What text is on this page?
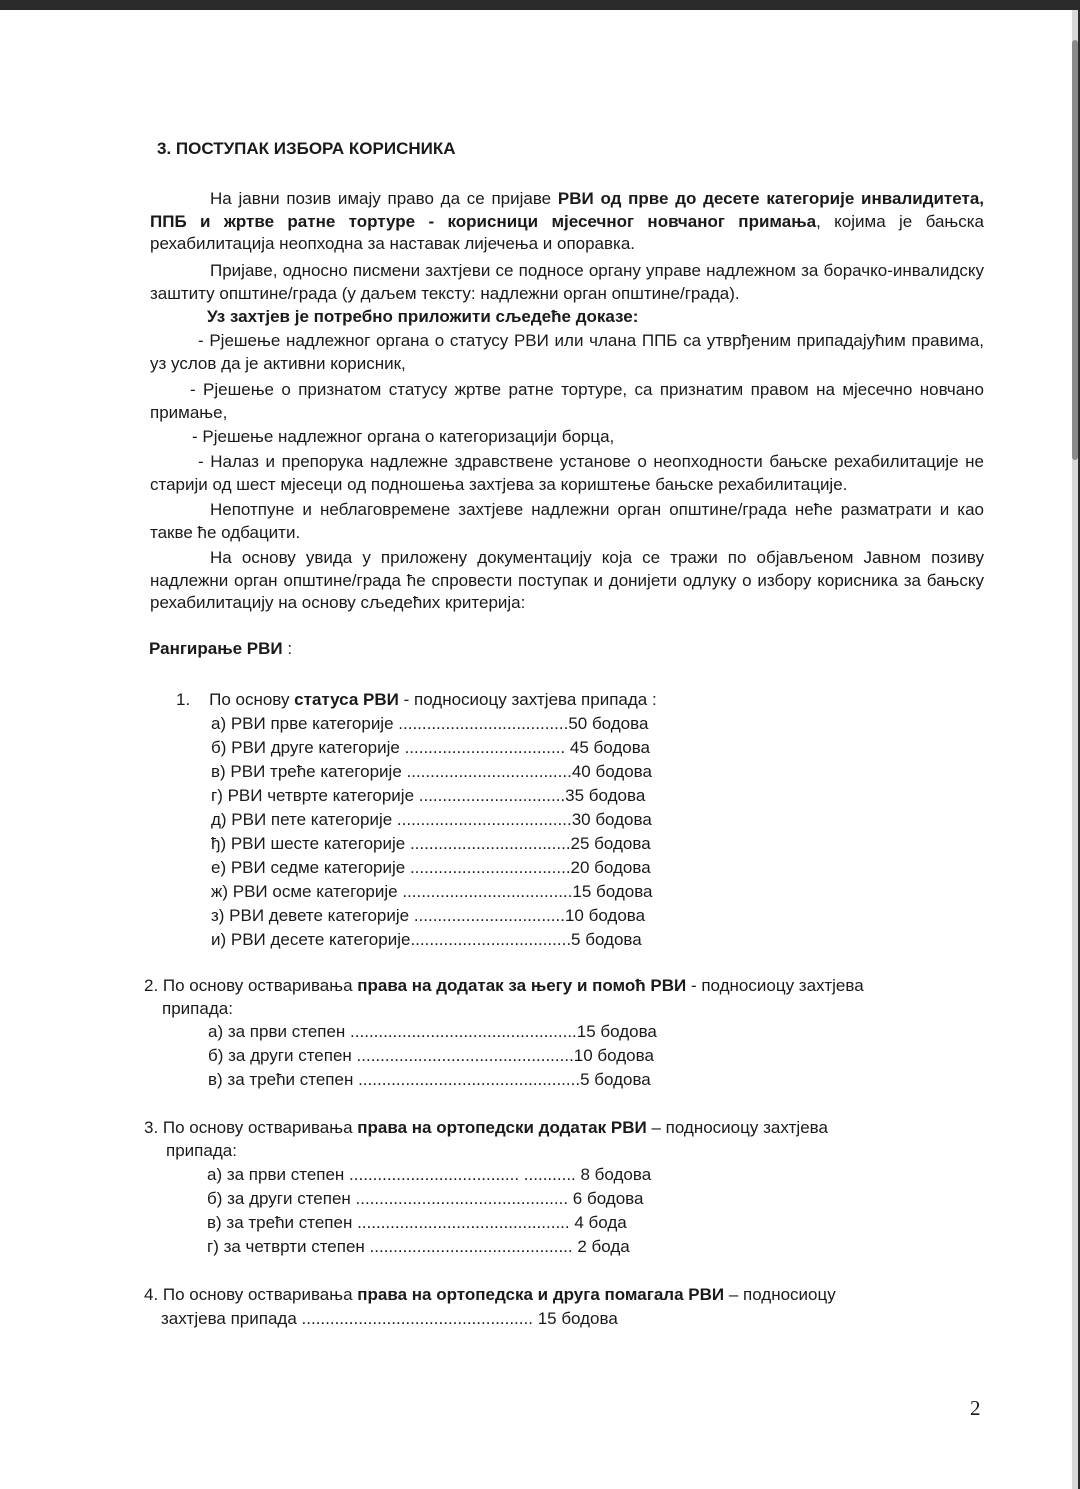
3. ПОСТУПАК ИЗБОРА КОРИСНИКА

На јавни позив имају право да се пријаве РВИ од прве до десете категорије инвалидитета, ППБ и жртве ратне тортуре - корисници мјесечног новчаног примања, којима је бањска рехабилитација неопходна за наставак лијечења и опоравка.

Пријаве, односно писмени захтјеви се подносе органу управе надлежном за борачко-инвалидску заштиту општине/града (у даљем тексту: надлежни орган општине/града).

Уз захтјев је потребно приложити сљедеће доказе:

- Рјешење надлежног органа о статусу РВИ или члана ППБ са утврђеним припадајућим правима, уз услов да је активни корисник,

- Рјешење о признатом статусу жртве ратне тортуре, са признатим правом на мјесечно новчано примање,

- Рјешење надлежног органа о категоризацији борца,

- Налаз и препорука надлежне здравствене установе о неопходности бањске рехабилитације не старији од шест мјесеци од подношења захтјева за кориштење бањске рехабилитације.

Непотпуне и неблаговремене захтјеве надлежни орган општине/града неће разматрати и као такве ће одбацити.

На основу увида у приложену документацију која се тражи по објављеном Јавном позиву надлежни орган општине/града ће спровести поступак и донијети одлуку о избору корисника за бањску рехабилитацију на основу сљедећих критерија:

Рангирање РВИ :
1. По основу статуса РВИ - подносиоцу захтјева припада :
а) РВИ прве категорије ....................................50 бодова
б) РВИ друге категорије .................................. 45 бодова
в) РВИ треће категорије ...................................40 бодова
г) РВИ четврте категорије ...............................35 бодова
д) РВИ пете категорије .....................................30 бодова
ђ) РВИ шесте категорије ..................................25 бодова
е) РВИ седме категорије ..................................20 бодова
ж) РВИ осме категорије ....................................15 бодова
з) РВИ девете категорије ................................10 бодова
и) РВИ десете категорије..................................5 бодова
2. По основу остваривања права на додатак за његу и помоћ РВИ - подносиоцу захтјева
припада:
а) за први степен ................................................15 бодова
б) за други степен ..............................................10 бодова
в) за трећи степен ...............................................5 бодова
3. По основу остваривања права на ортопедски додатак РВИ – подносиоцу захтјева
припада:
а) за први степен .................................... ........... 8 бодова
б) за други степен ............................................. 6 бодова
в) за трећи степен ............................................. 4 бода
г) за четврти степен ........................................... 2 бода
4. По основу остваривања права на ортопедска и друга помагала РВИ – подносиоцу
захтјева припада ................................................. 15 бодова
2
